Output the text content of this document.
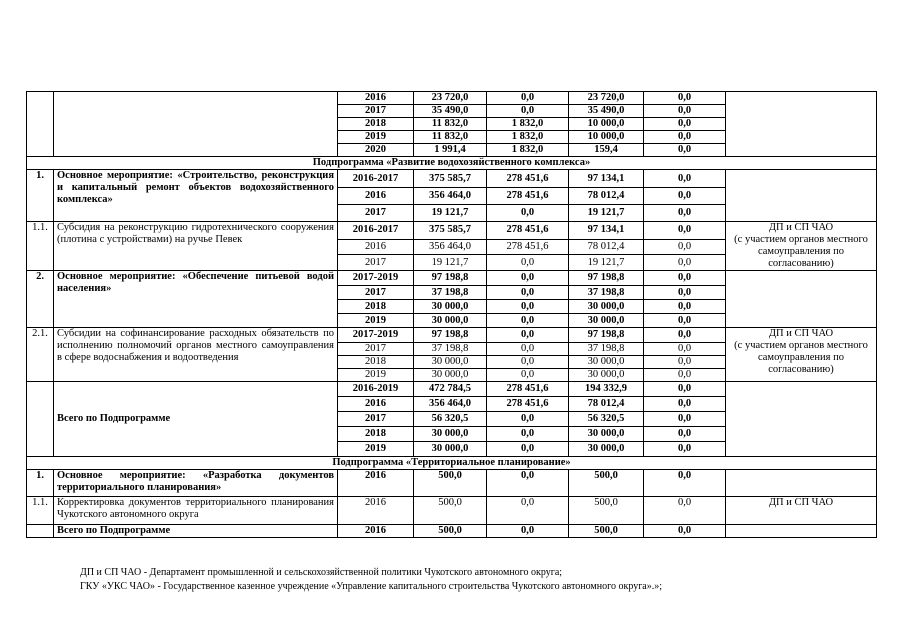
		2016	23 720,0	0,0	23 720,0	0,0	
		2017	35 490,0	0,0	35 490,0	0,0	
		2018	11 832,0	1 832,0	10 000,0	0,0	
		2019	11 832,0	1 832,0	10 000,0	0,0	
		2020	1 991,4	1 832,0	159,4	0,0	
Подпрограмма «Развитие водохозяйственного комплекса»							
1.	Основное мероприятие: «Строительство, реконструкция и капитальный ремонт объектов водохозяйственного комплекса»	2016-2017	375 585,7	278 451,6	97 134,1	0,0	
		2016	356 464,0	278 451,6	78 012,4	0,0	
		2017	19 121,7	0,0	19 121,7	0,0	
1.1.	Субсидия на реконструкцию гидротехнического сооружения (плотина с устройствами) на ручье Певек	2016-2017	375 585,7	278 451,6	97 134,1	0,0	ДП и СП ЧАО
(с участием органов местного самоуправления по согласованию)
		2016	356 464,0	278 451,6	78 012,4	0,0	
		2017	19 121,7	0,0	19 121,7	0,0	
2.	Основное мероприятие: «Обеспечение питьевой водой населения»	2017-2019	97 198,8	0,0	97 198,8	0,0	
		2017	37 198,8	0,0	37 198,8	0,0	
		2018	30 000,0	0,0	30 000,0	0,0	
		2019	30 000,0	0,0	30 000,0	0,0	
2.1.	Субсидии на софинансирование расходных обязательств по исполнению полномочий органов местного самоуправления в сфере водоснабжения и водоотведения	2017-2019	97 198,8	0,0	97 198,8	0,0	ДП и СП ЧАО
(с участием органов местного самоуправления по согласованию)
		2017	37 198,8	0,0	37 198,8	0,0	
		2018	30 000,0	0,0	30 000,0	0,0	
		2019	30 000,0	0,0	30 000,0	0,0	
	Всего по Подпрограмме	2016-2019	472 784,5	278 451,6	194 332,9	0,0	
		2016	356 464,0	278 451,6	78 012,4	0,0	
		2017	56 320,5	0,0	56 320,5	0,0	
		2018	30 000,0	0,0	30 000,0	0,0	
		2019	30 000,0	0,0	30 000,0	0,0	
Подпрограмма «Территориальное планирование»							
1.	Основное мероприятие: «Разработка документов территориального планирования»	2016	500,0	0,0	500,0	0,0	
1.1.	Корректировка документов территориального планирования Чукотского автономного округа	2016	500,0	0,0	500,0	0,0	ДП и СП ЧАО
	Всего по Подпрограмме	2016	500,0	0,0	500,0	0,0	
ДП и СП ЧАО - Департамент промышленной и сельскохозяйственной политики Чукотского автономного округа;
ГКУ «УКС ЧАО» - Государственное казенное учреждение «Управление капитального строительства Чукотского автономного округа».»;
